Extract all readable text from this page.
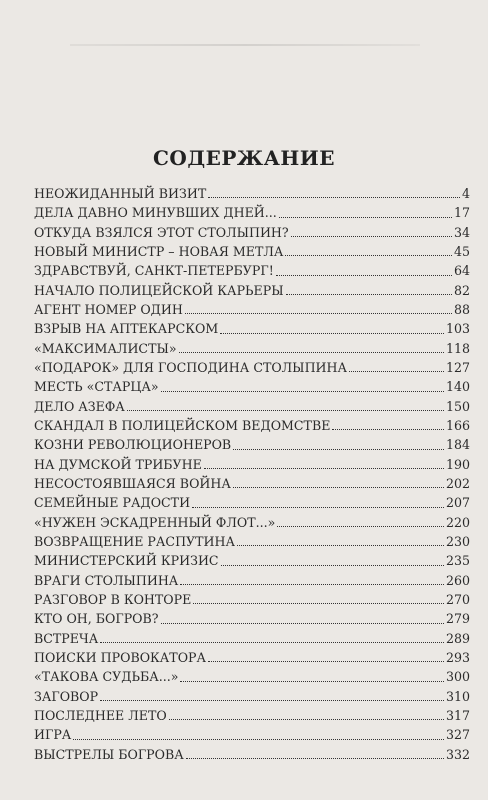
СОДЕРЖАНИЕ
НЕОЖИДАННЫЙ ВИЗИТ	4
ДЕЛА ДАВНО МИНУВШИХ ДНЕЙ...	17
ОТКУДА ВЗЯЛСЯ ЭТОТ СТОЛЫПИН?	34
НОВЫЙ МИНИСТР – НОВАЯ МЕТЛА	45
ЗДРАВСТВУЙ, САНКТ-ПЕТЕРБУРГ!	64
НАЧАЛО ПОЛИЦЕЙСКОЙ КАРЬЕРЫ	82
АГЕНТ НОМЕР ОДИН	88
ВЗРЫВ НА АПТЕКАРСКОМ	103
«МАКСИМАЛИСТЫ»	118
«ПОДАРОК» ДЛЯ ГОСПОДИНА СТОЛЫПИНА	127
МЕСТЬ «СТАРЦА»	140
ДЕЛО АЗЕФА	150
СКАНДАЛ В ПОЛИЦЕЙСКОМ ВЕДОМСТВЕ	166
КОЗНИ РЕВОЛЮЦИОНЕРОВ	184
НА ДУМСКОЙ ТРИБУНЕ	190
НЕСОСТОЯВШАЯСЯ ВОЙНА	202
СЕМЕЙНЫЕ РАДОСТИ	207
«НУЖЕН ЭСКАДРЕННЫЙ ФЛОТ...»	220
ВОЗВРАЩЕНИЕ РАСПУТИНА	230
МИНИСТЕРСКИЙ КРИЗИС	235
ВРАГИ СТОЛЫПИНА	260
РАЗГОВОР В КОНТОРЕ	270
КТО ОН, БОГРОВ?	279
ВСТРЕЧА	289
ПОИСКИ ПРОВОКАТОРА	293
«ТАКОВА СУДЬБА...»	300
ЗАГОВОР	310
ПОСЛЕДНЕЕ ЛЕТО	317
ИГРА	327
ВЫСТРЕЛЫ БОГРОВА	332
